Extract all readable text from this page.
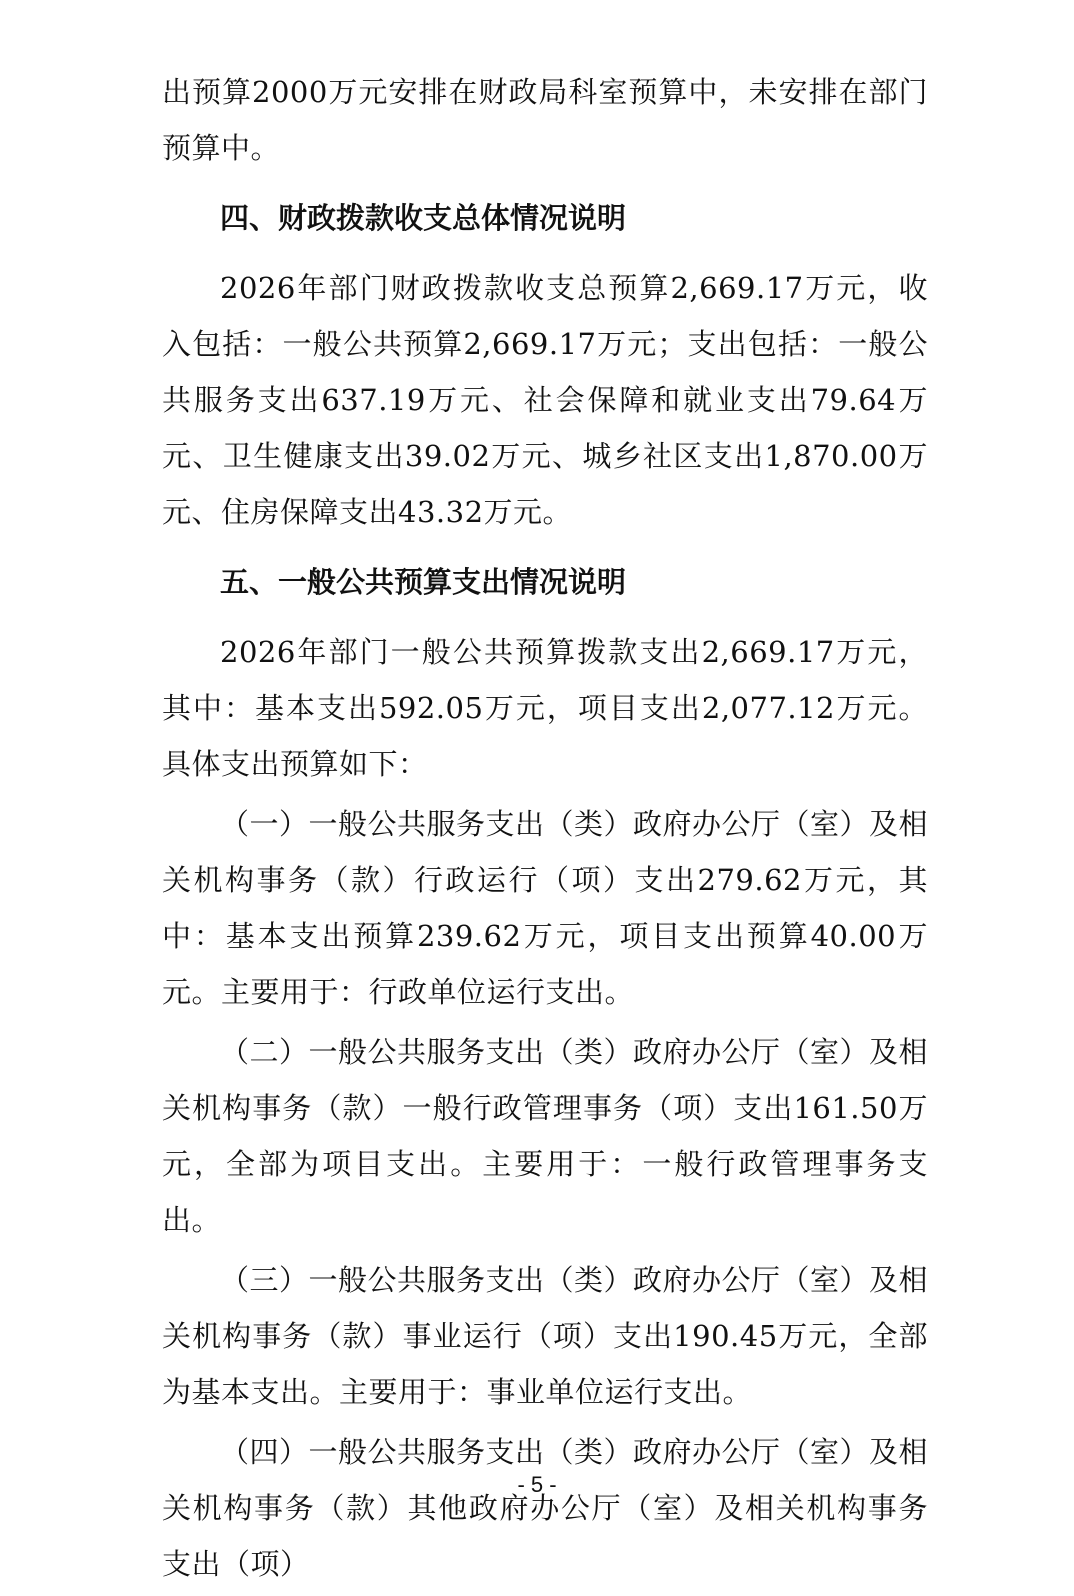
出预算2000万元安排在财政局科室预算中，未安排在部门预算中。

四、财政拨款收支总体情况说明

2026年部门财政拨款收支总预算2,669.17万元，收入包括：一般公共预算2,669.17万元；支出包括：一般公共服务支出637.19万元、社会保障和就业支出79.64万元、卫生健康支出39.02万元、城乡社区支出1,870.00万元、住房保障支出43.32万元。

五、一般公共预算支出情况说明

2026年部门一般公共预算拨款支出2,669.17万元，其中：基本支出592.05万元，项目支出2,077.12万元。具体支出预算如下：

（一）一般公共服务支出（类）政府办公厅（室）及相关机构事务（款）行政运行（项）支出279.62万元，其中：基本支出预算239.62万元，项目支出预算40.00万元。主要用于：行政单位运行支出。

（二）一般公共服务支出（类）政府办公厅（室）及相关机构事务（款）一般行政管理事务（项）支出161.50万元，全部为项目支出。主要用于：一般行政管理事务支出。

（三）一般公共服务支出（类）政府办公厅（室）及相关机构事务（款）事业运行（项）支出190.45万元，全部为基本支出。主要用于：事业单位运行支出。

（四）一般公共服务支出（类）政府办公厅（室）及相关机构事务（款）其他政府办公厅（室）及相关机构事务支出（项）

- 5 -
